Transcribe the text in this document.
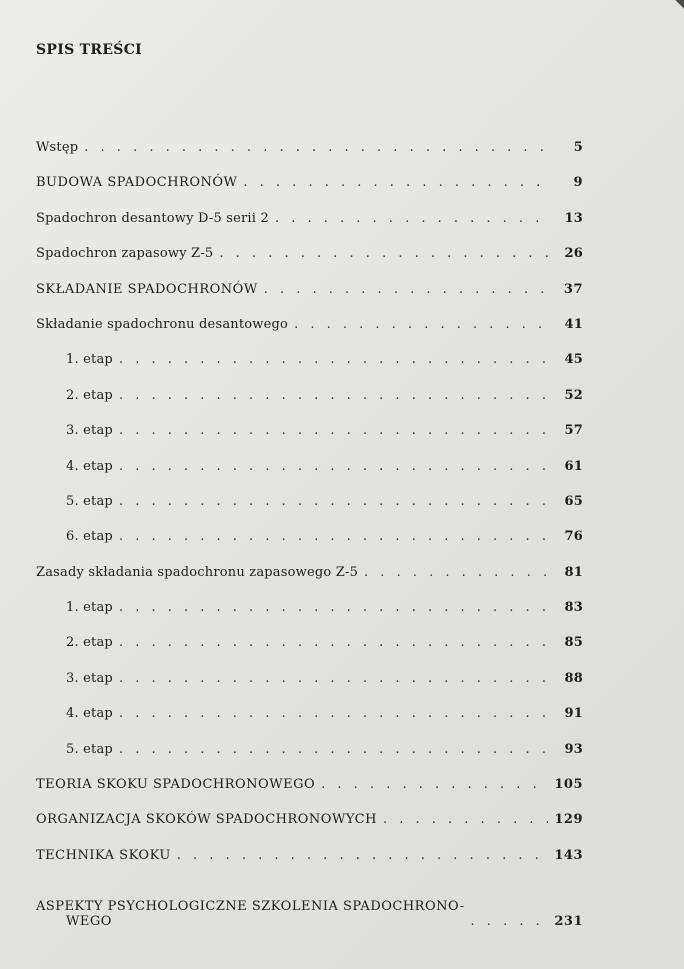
SPIS TREŚCI
Wstęp . . .	5
BUDOWA SPADOCHRONÓW . . .	9
Spadochron desantowy D-5 serii 2 . . .	13
Spadochron zapasowy Z-5 . . .	26
SKŁADANIE SPADOCHRONÓW . . .	37
Składanie spadochronu desantowego . . .	41
1. etap . . .	45
2. etap . . .	52
3. etap . . .	57
4. etap . . .	61
5. etap . . .	65
6. etap . . .	76
Zasady składania spadochronu zapasowego Z-5 . . .	81
1. etap . . .	83
2. etap . . .	85
3. etap . . .	88
4. etap . . .	91
5. etap . . .	93
TEORIA SKOKU SPADOCHRONOWEGO . . .	105
ORGANIZACJA SKOKÓW SPADOCHRONOWYCH . . .	129
TECHNIKA SKOKU . . .	143
ASPEKTY PSYCHOLOGICZNE SZKOLENIA SPADOCHRONO-
WEGO . . .	231
